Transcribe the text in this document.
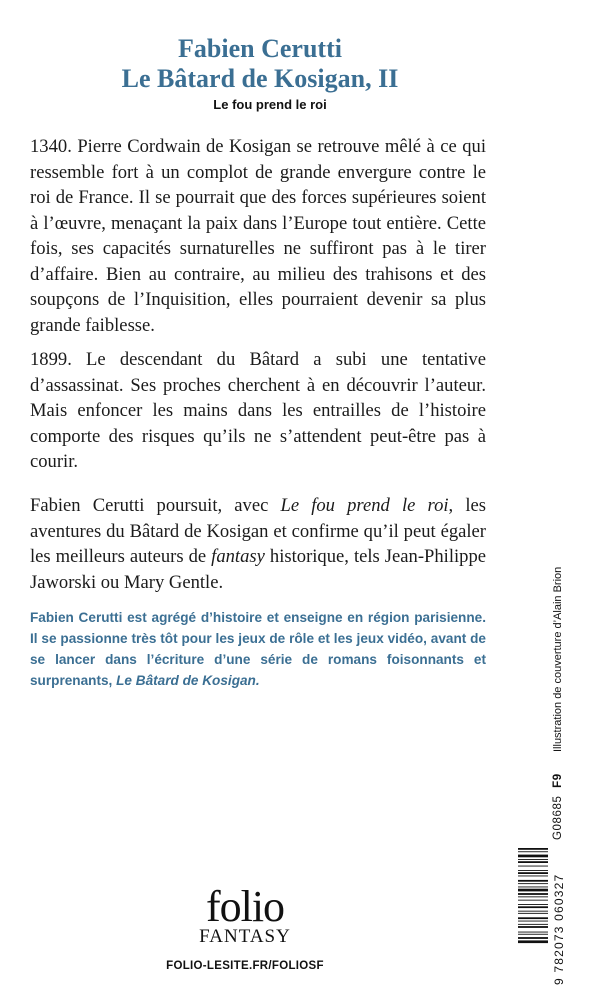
Fabien Cerutti
Le Bâtard de Kosigan, II
Le fou prend le roi

1340. Pierre Cordwain de Kosigan se retrouve mêlé à ce qui ressemble fort à un complot de grande envergure contre le roi de France. Il se pourrait que des forces supérieures soient à l’œuvre, menaçant la paix dans l’Europe tout entière. Cette fois, ses capacités surnaturelles ne suffiront pas à le tirer d’affaire. Bien au contraire, au milieu des trahisons et des soupçons de l’Inquisition, elles pourraient devenir sa plus grande faiblesse.

1899. Le descendant du Bâtard a subi une tentative d’assassinat. Ses proches cherchent à en découvrir l’auteur. Mais enfoncer les mains dans les entrailles de l’histoire comporte des risques qu’ils ne s’attendent peut-être pas à courir.

Fabien Cerutti poursuit, avec Le fou prend le roi, les aventures du Bâtard de Kosigan et confirme qu’il peut égaler les meilleurs auteurs de fantasy historique, tels Jean-Philippe Jaworski ou Mary Gentle.

Fabien Cerutti est agrégé d’histoire et enseigne en région parisienne. Il se passionne très tôt pour les jeux de rôle et les jeux vidéo, avant de se lancer dans l’écriture d’une série de romans foisonnants et surprenants, Le Bâtard de Kosigan.	Illustration de couverture d’Alain Brion
G08685  F9
9 782073 060327
folio
FANTASY
FOLIO-LESITE.FR/FOLIOSF
